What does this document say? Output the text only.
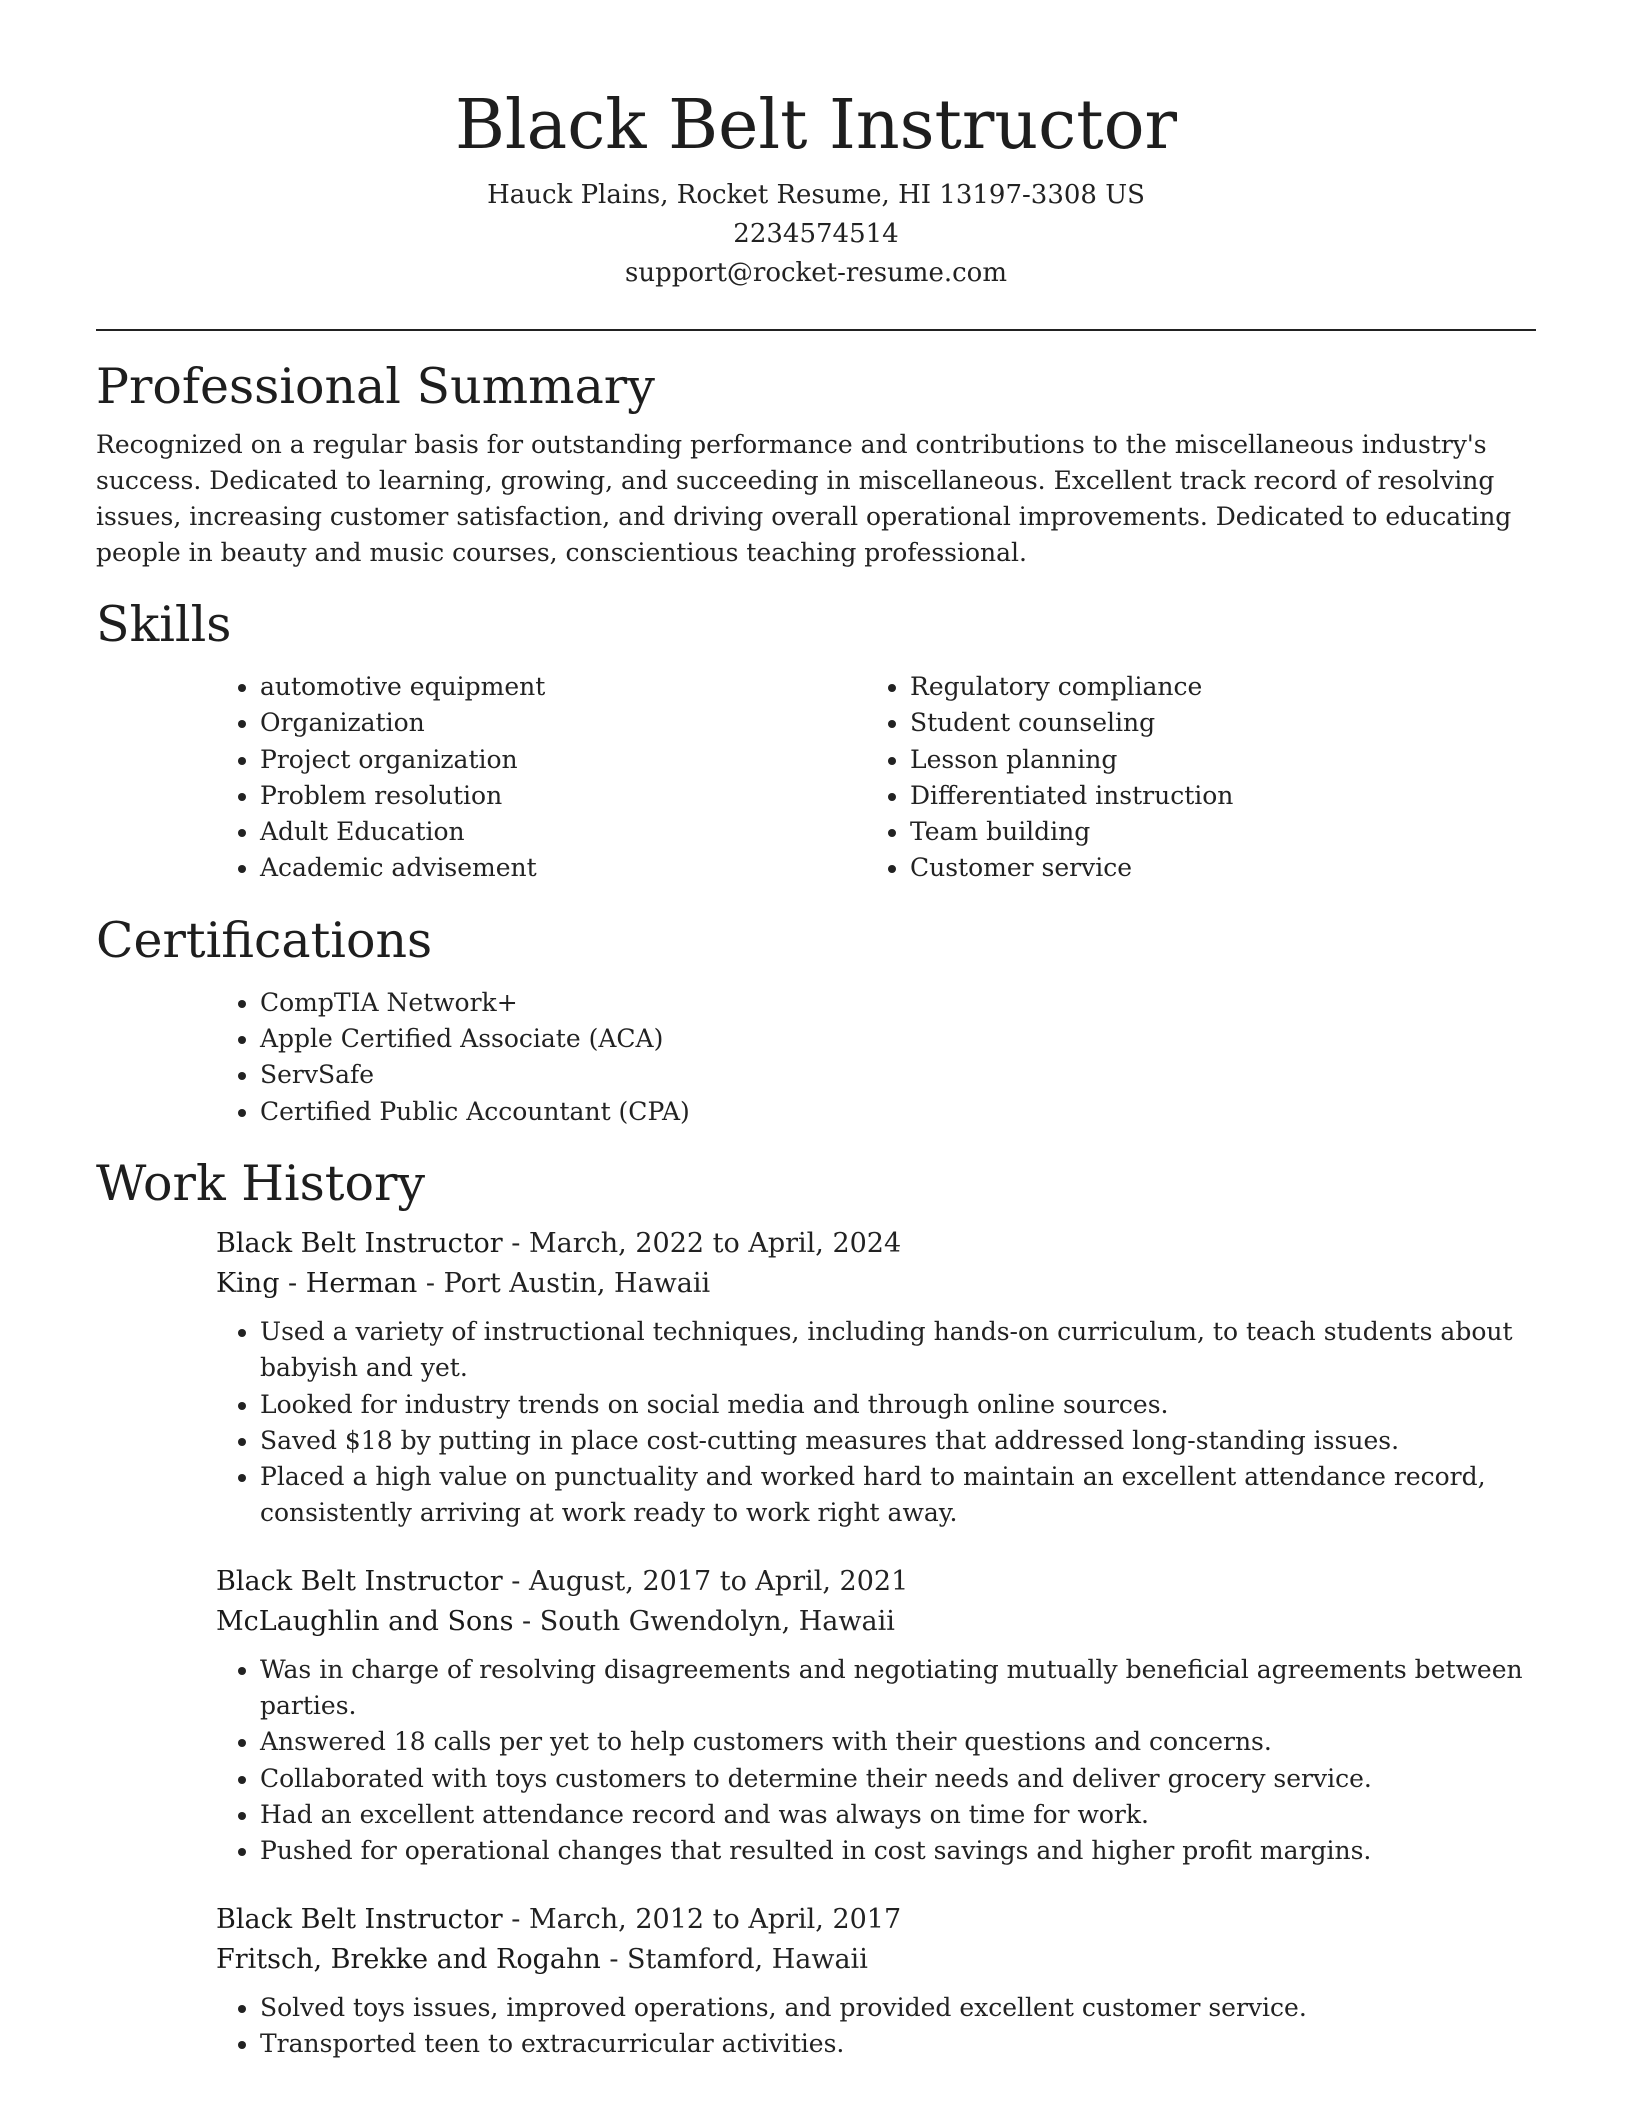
Black Belt Instructor

Hauck Plains, Rocket Resume, HI 13197-3308 US

2234574514

support@rocket-resume.com

Professional Summary

Recognized on a regular basis for outstanding performance and contributions to the miscellaneous industry's success. Dedicated to learning, growing, and succeeding in miscellaneous. Excellent track record of resolving issues, increasing customer satisfaction, and driving overall operational improvements. Dedicated to educating people in beauty and music courses, conscientious teaching professional.

Skills
• automotive equipment
• Organization
• Project organization
• Problem resolution
• Adult Education
• Academic advisement
• Regulatory compliance
• Student counseling
• Lesson planning
• Differentiated instruction
• Team building
• Customer service
Certifications
• CompTIA Network+
• Apple Certified Associate (ACA)
• ServSafe
• Certified Public Accountant (CPA)
Work History

Black Belt Instructor - March, 2022 to April, 2024

King - Herman - Port Austin, Hawaii

• Used a variety of instructional techniques, including hands-on curriculum, to teach students about babyish and yet.
• Looked for industry trends on social media and through online sources.
• Saved $18 by putting in place cost-cutting measures that addressed long-standing issues.
• Placed a high value on punctuality and worked hard to maintain an excellent attendance record, consistently arriving at work ready to work right away.

Black Belt Instructor - August, 2017 to April, 2021

McLaughlin and Sons - South Gwendolyn, Hawaii

• Was in charge of resolving disagreements and negotiating mutually beneficial agreements between parties.
• Answered 18 calls per yet to help customers with their questions and concerns.
• Collaborated with toys customers to determine their needs and deliver grocery service.
• Had an excellent attendance record and was always on time for work.
• Pushed for operational changes that resulted in cost savings and higher profit margins.

Black Belt Instructor - March, 2012 to April, 2017

Fritsch, Brekke and Rogahn - Stamford, Hawaii

• Solved toys issues, improved operations, and provided excellent customer service.
• Transported teen to extracurricular activities.
